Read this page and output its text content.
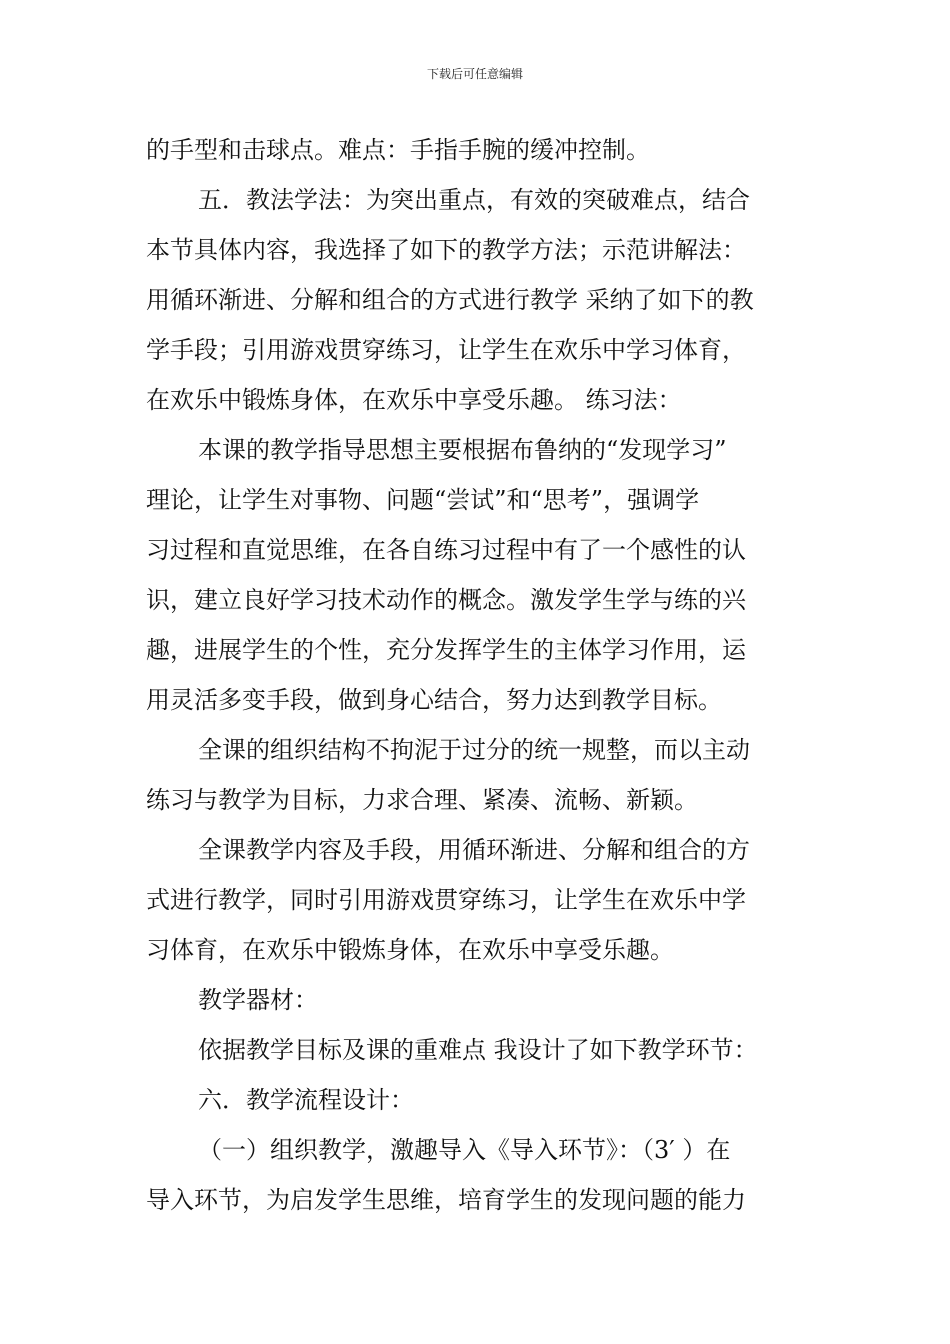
下载后可任意编辑
的手型和击球点。难点：手指手腕的缓冲控制。
五．教法学法：为突出重点，有效的突破难点，结合
本节具体内容，我选择了如下的教学方法；示范讲解法：
用循环渐进、分解和组合的方式进行教学 采纳了如下的教
学手段；引用游戏贯穿练习，让学生在欢乐中学习体育，
在欢乐中锻炼身体，在欢乐中享受乐趣。 练习法：
本课的教学指导思想主要根据布鲁纳的“发现学习”
理论，让学生对事物、问题“尝试”和“思考”，强调学
习过程和直觉思维，在各自练习过程中有了一个感性的认
识，建立良好学习技术动作的概念。激发学生学与练的兴
趣，进展学生的个性，充分发挥学生的主体学习作用，运
用灵活多变手段，做到身心结合，努力达到教学目标。
全课的组织结构不拘泥于过分的统一规整，而以主动
练习与教学为目标，力求合理、紧凑、流畅、新颖。
全课教学内容及手段，用循环渐进、分解和组合的方
式进行教学，同时引用游戏贯穿练习，让学生在欢乐中学
习体育，在欢乐中锻炼身体，在欢乐中享受乐趣。
教学器材：
依据教学目标及课的重难点 我设计了如下教学环节：
六．教学流程设计：
（一）组织教学，激趣导入《导入环节》：（3′ ）在
导入环节，为启发学生思维，培育学生的发现问题的能力
